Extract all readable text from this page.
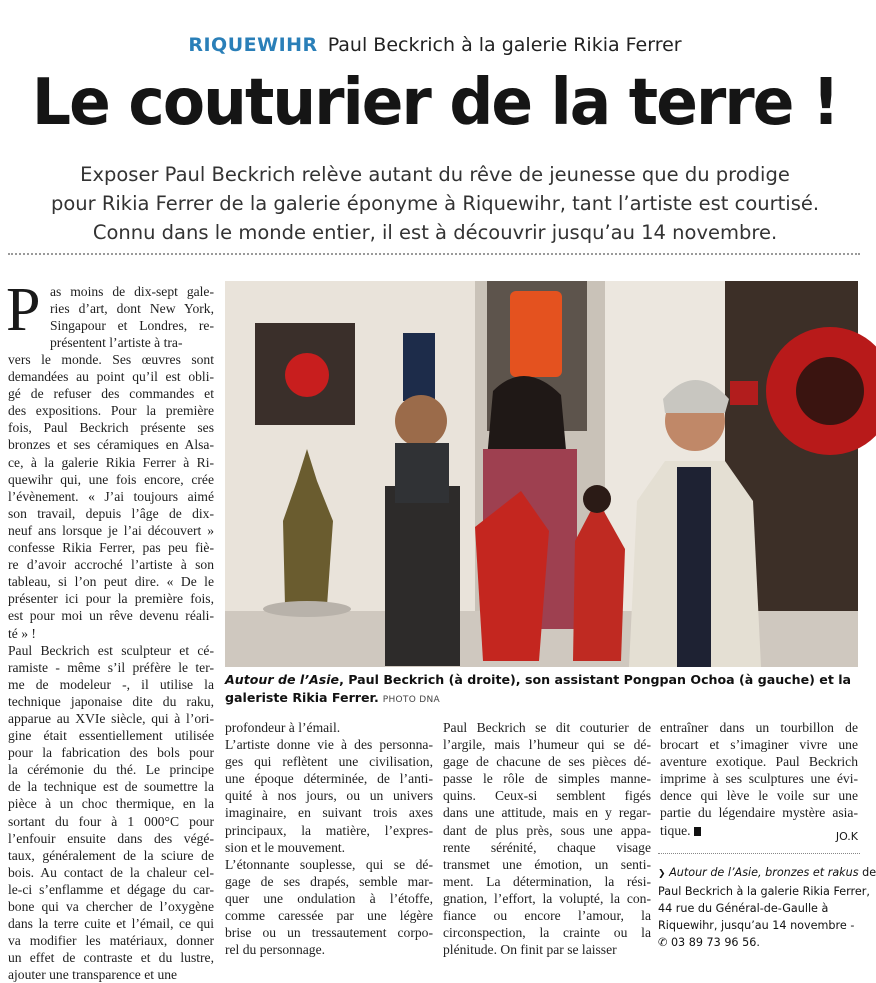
RIQUEWIHR Paul Beckrich à la galerie Rikia Ferrer
Le couturier de la terre !
Exposer Paul Beckrich relève autant du rêve de jeunesse que du prodige
pour Rikia Ferrer de la galerie éponyme à Riquewihr, tant l’artiste est courtisé.
Connu dans le monde entier, il est à découvrir jusqu’au 14 novembre.
P as moins de dix-sept gale-
ries d’art, dont New York,
Singapour et Londres, re-
présentent l’artiste à tra-
vers le monde. Ses œuvres sont
demandées au point qu’il est obli-
gé de refuser des commandes et
des expositions. Pour la première
fois, Paul Beckrich présente ses
bronzes et ses céramiques en Alsa-
ce, à la galerie Rikia Ferrer à Ri-
quewihr qui, une fois encore, crée
l’évènement. « J’ai toujours aimé
son travail, depuis l’âge de dix-
neuf ans lorsque je l’ai découvert »
confesse Rikia Ferrer, pas peu fiè-
re d’avoir accroché l’artiste à son
tableau, si l’on peut dire. « De le
présenter ici pour la première fois,
est pour moi un rêve devenu réali-
té » !
Paul Beckrich est sculpteur et cé-
ramiste - même s’il préfère le ter-
me de modeleur -, il utilise la
technique japonaise dite du raku,
apparue au XVIe siècle, qui à l’ori-
gine était essentiellement utilisée
pour la fabrication des bols pour
la cérémonie du thé. Le principe
de la technique est de soumettre la
pièce à un choc thermique, en la
sortant du four à 1 000°C pour
l’enfouir ensuite dans des végé-
taux, généralement de la sciure de
bois. Au contact de la chaleur cel-
le-ci s’enflamme et dégage du car-
bone qui va chercher de l’oxygène
dans la terre cuite et l’émail, ce qui
va modifier les matériaux, donner
un effet de contraste et du lustre,
ajouter une transparence et une
Autour de l’Asie, Paul Beckrich (à droite), son assistant Pongpan Ochoa (à gauche) et la
galeriste Rikia Ferrer. PHOTO DNA
profondeur à l’émail.
L’artiste donne vie à des personna-
ges qui reflètent une civilisation,
une époque déterminée, de l’anti-
quité à nos jours, ou un univers
imaginaire, en suivant trois axes
principaux, la matière, l’expres-
sion et le mouvement.
L’étonnante souplesse, qui se dé-
gage de ses drapés, semble mar-
quer une ondulation à l’étoffe,
comme caressée par une légère
brise ou un tressautement corpo-
rel du personnage.
Paul Beckrich se dit couturier de
l’argile, mais l’humeur qui se dé-
gage de chacune de ses pièces dé-
passe le rôle de simples manne-
quins. Ceux-si semblent figés
dans une attitude, mais en y regar-
dant de plus près, sous une appa-
rente sérénité, chaque visage
transmet une émotion, un senti-
ment. La détermination, la rési-
gnation, l’effort, la volupté, la con-
fiance ou encore l’amour, la
circonspection, la crainte ou la
plénitude. On finit par se laisser
entraîner dans un tourbillon de
brocart et s’imaginer vivre une
aventure exotique. Paul Beckrich
imprime à ses sculptures une évi-
dence qui lève le voile sur une
partie du légendaire mystère asia-
tique.	JO.K
❯ Autour de l’Asie, bronzes et rakus de
Paul Beckrich à la galerie Rikia Ferrer,
44 rue du Général-de-Gaulle à
Riquewihr, jusqu’au 14 novembre -
✆ 03 89 73 96 56.
